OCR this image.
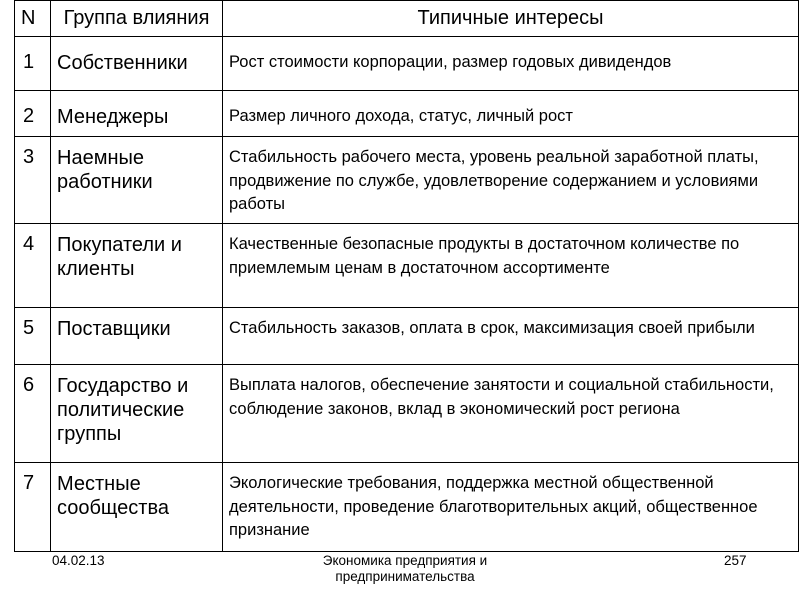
N	Группа влияния	Типичные интересы
1	Собственники	Рост стоимости корпорации, размер годовых дивидендов
2	Менеджеры	Размер личного дохода, статус, личный рост
3	Наемные работники	Стабильность рабочего места, уровень реальной заработной платы, продвижение по службе, удовлетворение содержанием и условиями работы
4	Покупатели и клиенты	Качественные безопасные продукты в достаточном количестве по приемлемым ценам в достаточном ассортименте
5	Поставщики	Стабильность заказов, оплата в срок, максимизация своей прибыли
6	Государство и политические группы	Выплата налогов, обеспечение занятости и социальной стабильности, соблюдение законов, вклад в экономический рост региона
7	Местные сообщества	Экологические требования, поддержка местной общественной деятельности, проведение благотворительных акций, общественное признание
04.02.13	Экономика предприятия и предпринимательства
257
